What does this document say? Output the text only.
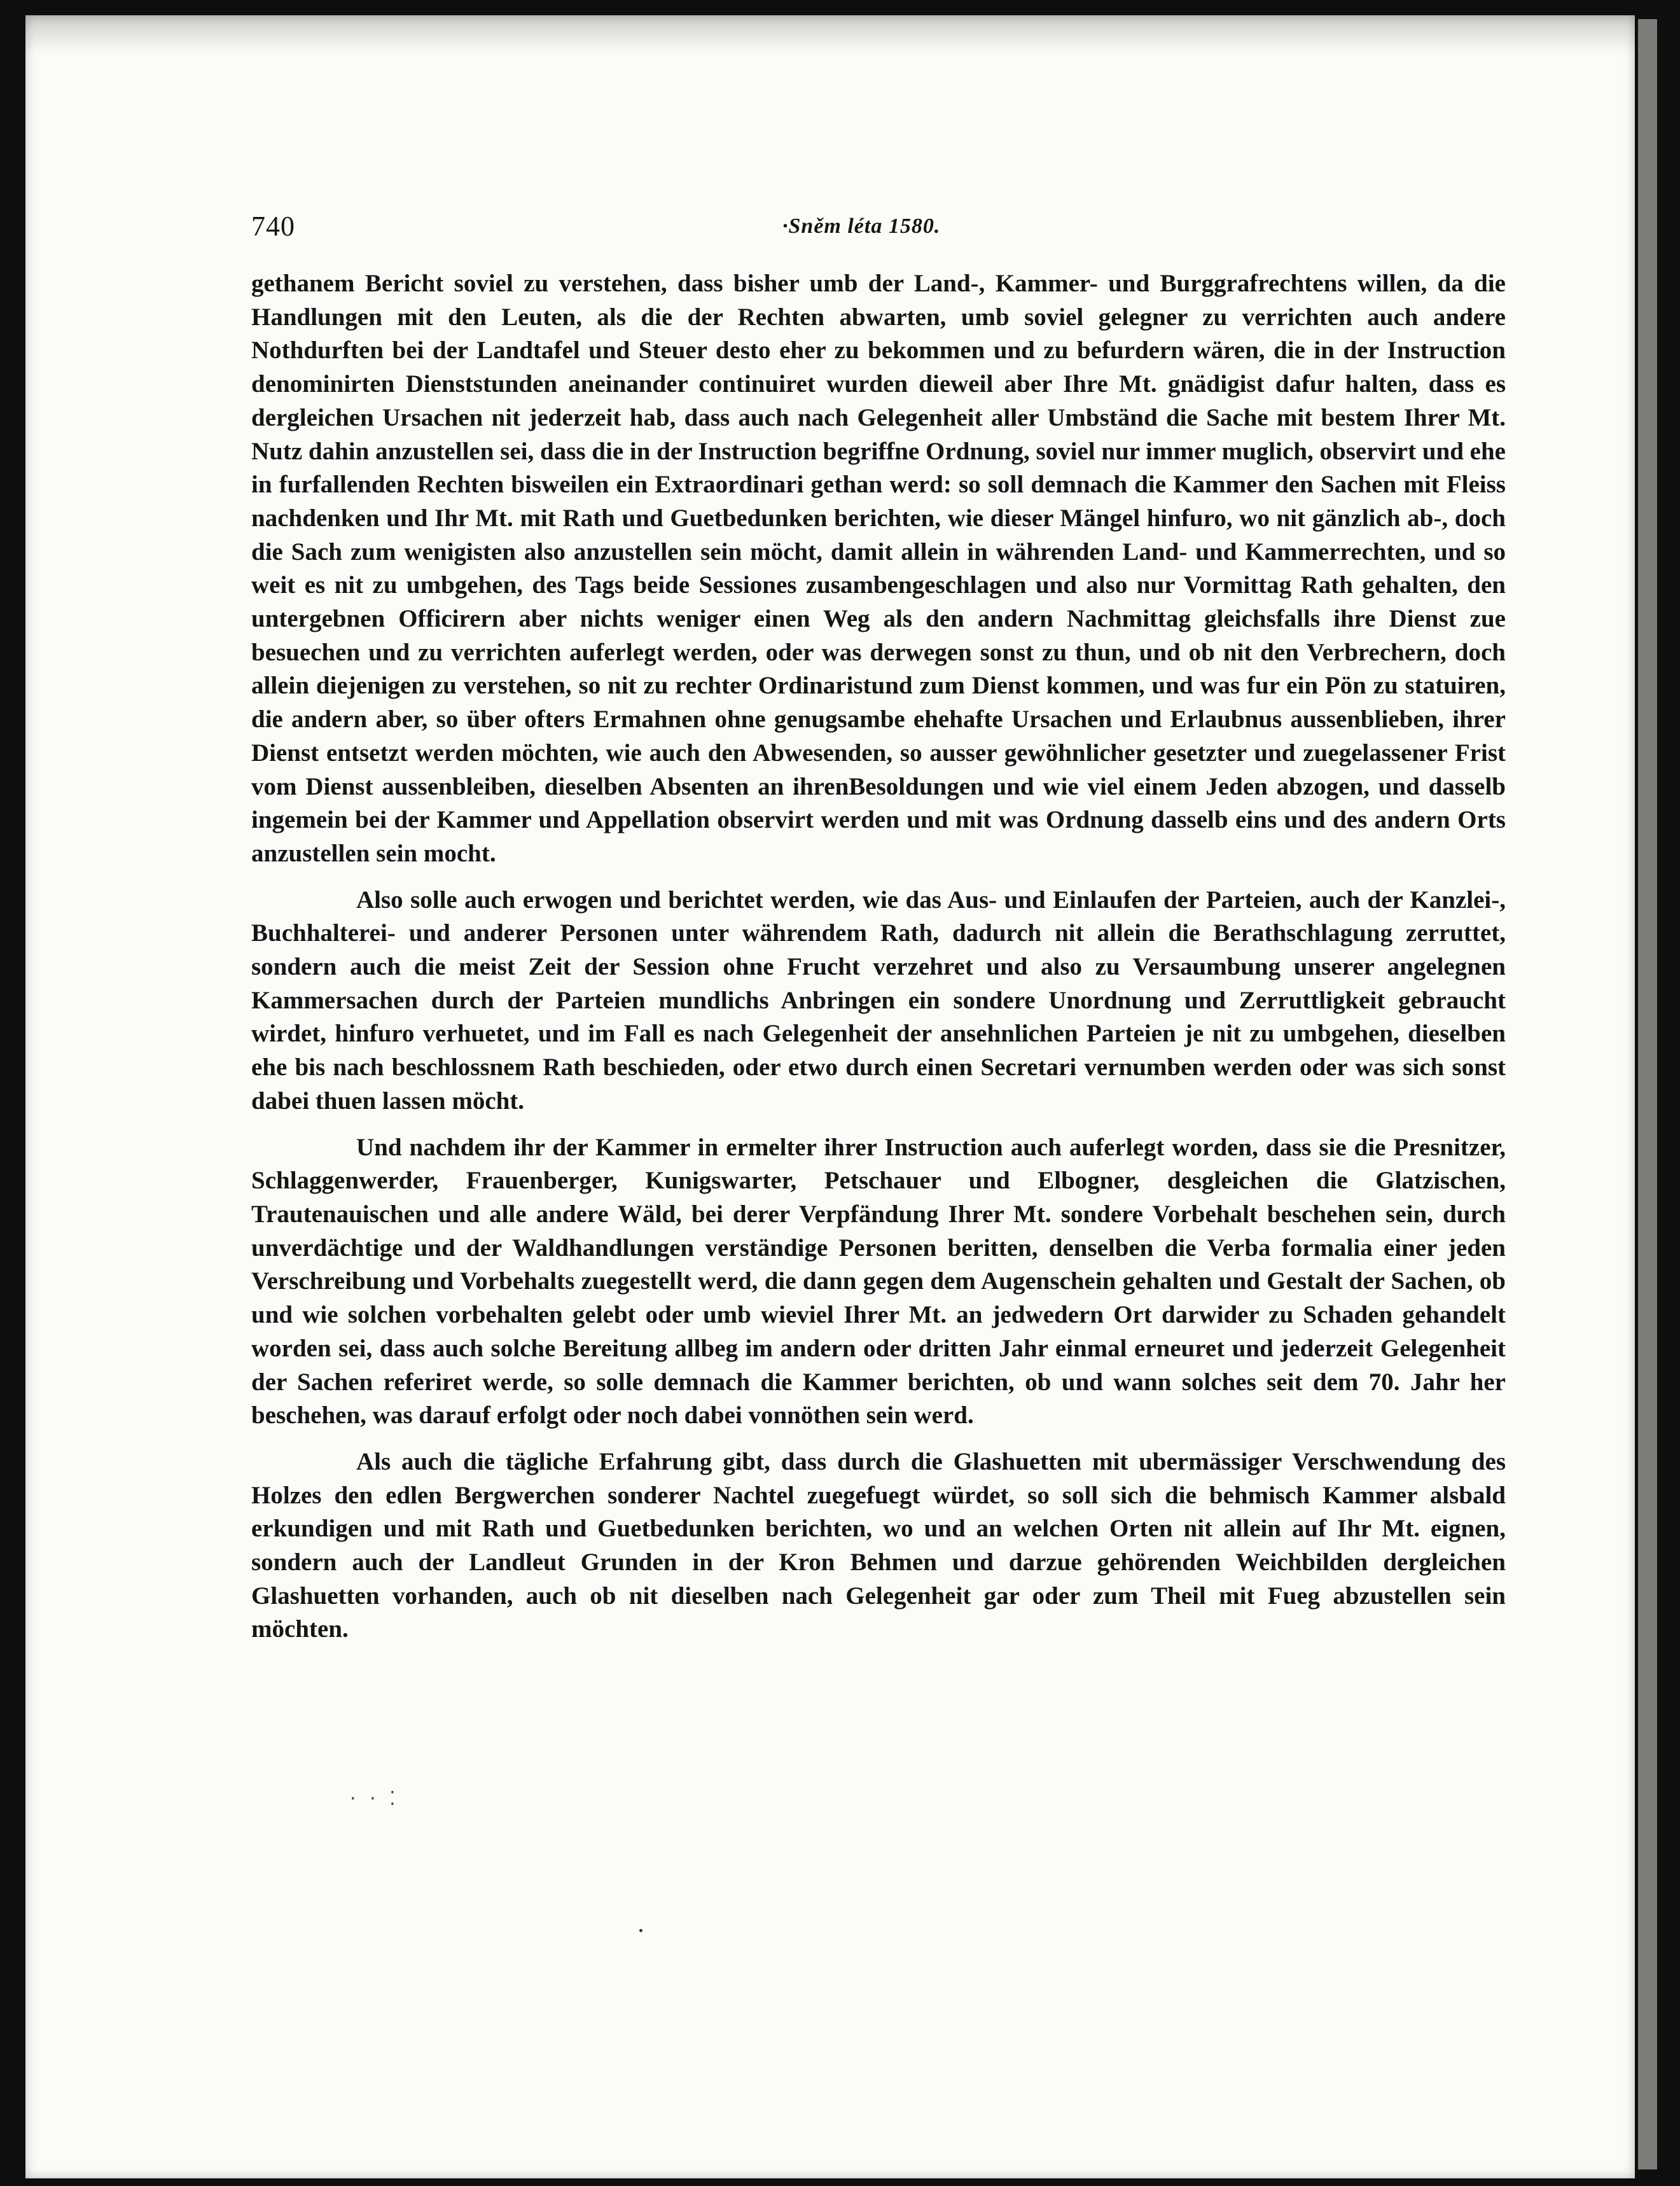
740	·Sněm léta 1580.

gethanem Bericht soviel zu verstehen, dass bisher umb der Land-, Kammer- und Burggrafrechtens willen, da die Handlungen mit den Leuten, als die der Rechten abwarten, umb soviel gelegner zu verrichten auch andere Nothdurften bei der Landtafel und Steuer desto eher zu bekommen und zu befurdern wären, die in der Instruction denominirten Dienststunden aneinander continuiret wurden dieweil aber Ihre Mt. gnädigist dafur halten, dass es dergleichen Ursachen nit jederzeit hab, dass auch nach Gelegenheit aller Umbständ die Sache mit bestem Ihrer Mt. Nutz dahin anzustellen sei, dass die in der Instruction begriffne Ordnung, soviel nur immer muglich, observirt und ehe in furfallenden Rechten bisweilen ein Extraordinari gethan werd: so soll demnach die Kammer den Sachen mit Fleiss nachdenken und Ihr Mt. mit Rath und Guetbedunken berichten, wie dieser Mängel hinfuro, wo nit gänzlich ab-, doch die Sach zum wenigisten also anzustellen sein möcht, damit allein in währenden Land- und Kammerrechten, und so weit es nit zu umbgehen, des Tags beide Sessiones zusambengeschlagen und also nur Vormittag Rath gehalten, den untergebnen Officirern aber nichts weniger einen Weg als den andern Nachmittag gleichsfalls ihre Dienst zue besuechen und zu verrichten auferlegt werden, oder was derwegen sonst zu thun, und ob nit den Verbrechern, doch allein diejenigen zu verstehen, so nit zu rechter Ordinaristund zum Dienst kommen, und was fur ein Pön zu statuiren, die andern aber, so über ofters Ermahnen ohne genugsambe ehehafte Ursachen und Erlaubnus aussenblieben, ihrer Dienst entsetzt werden möchten, wie auch den Abwesenden, so ausser gewöhnlicher gesetzter und zuegelassener Frist vom Dienst aussenbleiben, dieselben Absenten an ihrenBesoldungen und wie viel einem Jeden abzogen, und dasselb ingemein bei der Kammer und Appellation observirt werden und mit was Ordnung dasselb eins und des andern Orts anzustellen sein mocht.

Also solle auch erwogen und berichtet werden, wie das Aus- und Einlaufen der Parteien, auch der Kanzlei-, Buchhalterei- und anderer Personen unter währendem Rath, dadurch nit allein die Berathschlagung zerruttet, sondern auch die meist Zeit der Session ohne Frucht verzehret und also zu Versaumbung unserer angelegnen Kammersachen durch der Parteien mundlichs Anbringen ein sondere Unordnung und Zerruttligkeit gebraucht wirdet, hinfuro verhuetet, und im Fall es nach Gelegenheit der ansehnlichen Parteien je nit zu umbgehen, dieselben ehe bis nach beschlossnem Rath beschieden, oder etwo durch einen Secretari vernumben werden oder was sich sonst dabei thuen lassen möcht.

Und nachdem ihr der Kammer in ermelter ihrer Instruction auch auferlegt worden, dass sie die Presnitzer, Schlaggenwerder, Frauenberger, Kunigswarter, Petschauer und Elbogner, desgleichen die Glatzischen, Trautenauischen und alle andere Wäld, bei derer Verpfändung Ihrer Mt. sondere Vorbehalt beschehen sein, durch unverdächtige und der Waldhandlungen verständige Personen beritten, denselben die Verba formalia einer jeden Verschreibung und Vorbehalts zuegestellt werd, die dann gegen dem Augenschein gehalten und Gestalt der Sachen, ob und wie solchen vorbehalten gelebt oder umb wieviel Ihrer Mt. an jedwedern Ort darwider zu Schaden gehandelt worden sei, dass auch solche Bereitung allbeg im andern oder dritten Jahr einmal erneuret und jederzeit Gelegenheit der Sachen referiret werde, so solle demnach die Kammer berichten, ob und wann solches seit dem 70. Jahr her beschehen, was darauf erfolgt oder noch dabei vonnöthen sein werd.

Als auch die tägliche Erfahrung gibt, dass durch die Glashuetten mit ubermässiger Verschwendung des Holzes den edlen Bergwerchen sonderer Nachtel zuegefuegt würdet, so soll sich die behmisch Kammer alsbald erkundigen und mit Rath und Guetbedunken berichten, wo und an welchen Orten nit allein auf Ihr Mt. eignen, sondern auch der Landleut Grunden in der Kron Behmen und darzue gehörenden Weichbilden dergleichen Glashuetten vorhanden, auch ob nit dieselben nach Gelegenheit gar oder zum Theil mit Fueg abzustellen sein möchten.

· · ⁚
